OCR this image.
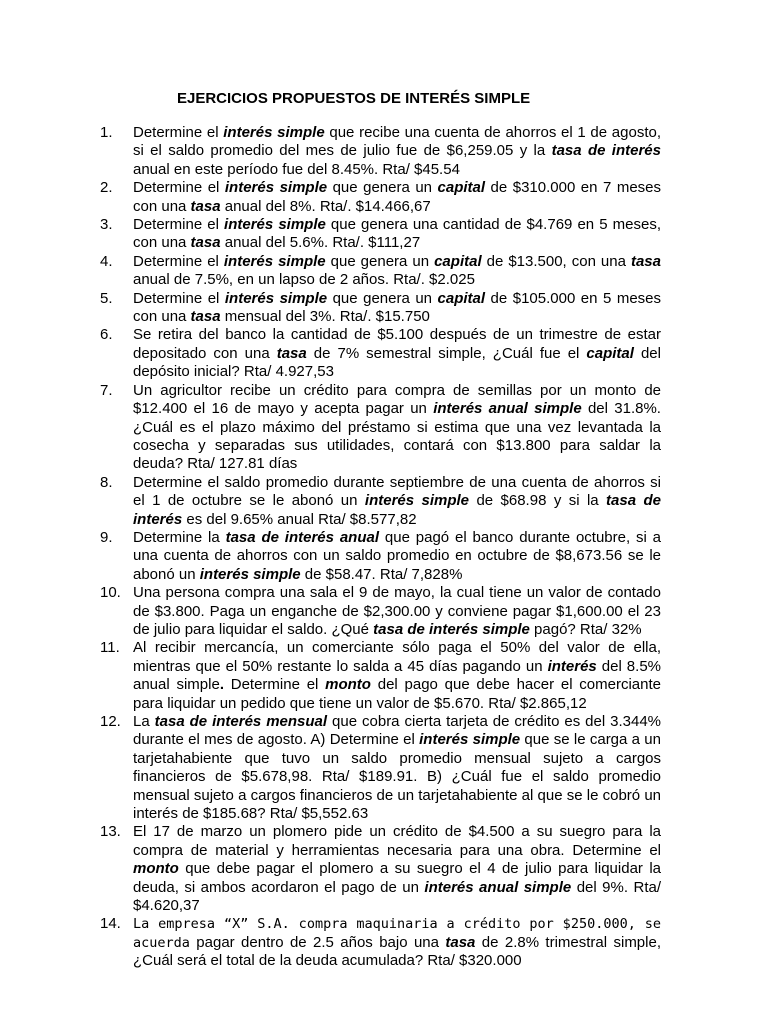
EJERCICIOS PROPUESTOS DE INTERÉS SIMPLE
1. Determine el interés simple que recibe una cuenta de ahorros el 1 de agosto, si el saldo promedio del mes de julio fue de $6,259.05 y la tasa de interés anual en este período fue del 8.45%. Rta/ $45.54
2. Determine el interés simple que genera un capital de $310.000 en 7 meses con una tasa anual del 8%. Rta/. $14.466,67
3. Determine el interés simple que genera una cantidad de $4.769 en 5 meses, con una tasa anual del 5.6%. Rta/. $111,27
4. Determine el interés simple que genera un capital de $13.500, con una tasa anual de 7.5%, en un lapso de 2 años. Rta/. $2.025
5. Determine el interés simple que genera un capital de $105.000 en 5 meses con una tasa mensual del 3%. Rta/. $15.750
6. Se retira del banco la cantidad de $5.100 después de un trimestre de estar depositado con una tasa de 7% semestral simple, ¿Cuál fue el capital del depósito inicial? Rta/ 4.927,53
7. Un agricultor recibe un crédito para compra de semillas por un monto de $12.400 el 16 de mayo y acepta pagar un interés anual simple del 31.8%. ¿Cuál es el plazo máximo del préstamo si estima que una vez levantada la cosecha y separadas sus utilidades, contará con $13.800 para saldar la deuda? Rta/ 127.81 días
8. Determine el saldo promedio durante septiembre de una cuenta de ahorros si el 1 de octubre se le abonó un interés simple de $68.98 y si la tasa de interés es del 9.65% anual Rta/ $8.577,82
9. Determine la tasa de interés anual que pagó el banco durante octubre, si a una cuenta de ahorros con un saldo promedio en octubre de $8,673.56 se le abonó un interés simple de $58.47. Rta/ 7,828%
10. Una persona compra una sala el 9 de mayo, la cual tiene un valor de contado de $3.800. Paga un enganche de $2,300.00 y conviene pagar $1,600.00 el 23 de julio para liquidar el saldo. ¿Qué tasa de interés simple pagó? Rta/ 32%
11. Al recibir mercancía, un comerciante sólo paga el 50% del valor de ella, mientras que el 50% restante lo salda a 45 días pagando un interés del 8.5% anual simple. Determine el monto del pago que debe hacer el comerciante para liquidar un pedido que tiene un valor de $5.670. Rta/ $2.865,12
12. La tasa de interés mensual que cobra cierta tarjeta de crédito es del 3.344% durante el mes de agosto. A) Determine el interés simple que se le carga a un tarjetahabiente que tuvo un saldo promedio mensual sujeto a cargos financieros de $5.678,98. Rta/ $189.91. B) ¿Cuál fue el saldo promedio mensual sujeto a cargos financieros de un tarjetahabiente al que se le cobró un interés de $185.68? Rta/ $5,552.63
13. El 17 de marzo un plomero pide un crédito de $4.500 a su suegro para la compra de material y herramientas necesaria para una obra. Determine el monto que debe pagar el plomero a su suegro el 4 de julio para liquidar la deuda, si ambos acordaron el pago de un interés anual simple del 9%. Rta/ $4.620,37
14. La empresa “X” S.A. compra maquinaria a crédito por $250.000, se acuerda pagar dentro de 2.5 años bajo una tasa de 2.8% trimestral simple, ¿Cuál será el total de la deuda acumulada? Rta/ $320.000
